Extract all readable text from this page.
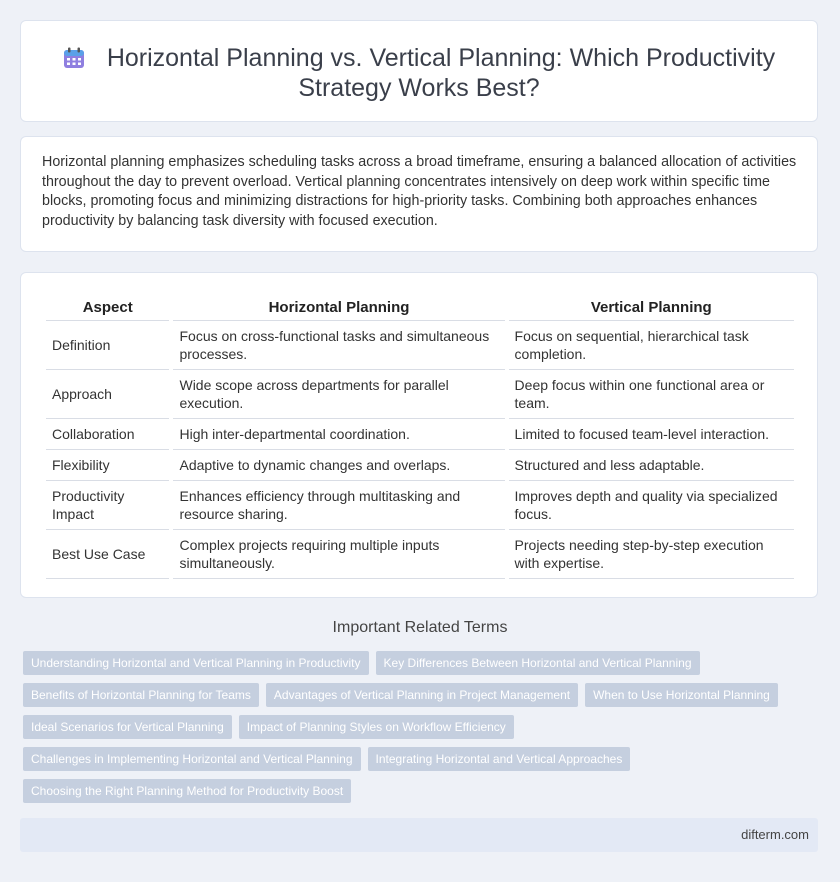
Horizontal Planning vs. Vertical Planning: Which Productivity Strategy Works Best?

Horizontal planning emphasizes scheduling tasks across a broad timeframe, ensuring a balanced allocation of activities throughout the day to prevent overload. Vertical planning concentrates intensively on deep work within specific time blocks, promoting focus and minimizing distractions for high-priority tasks. Combining both approaches enhances productivity by balancing task diversity with focused execution.

Aspect	Horizontal Planning	Vertical Planning
Definition	Focus on cross-functional tasks and simultaneous processes.	Focus on sequential, hierarchical task completion.
Approach	Wide scope across departments for parallel execution.	Deep focus within one functional area or team.
Collaboration	High inter-departmental coordination.	Limited to focused team-level interaction.
Flexibility	Adaptive to dynamic changes and overlaps.	Structured and less adaptable.
Productivity Impact	Enhances efficiency through multitasking and resource sharing.	Improves depth and quality via specialized focus.
Best Use Case	Complex projects requiring multiple inputs simultaneously.	Projects needing step-by-step execution with expertise.
Important Related Terms
Understanding Horizontal and Vertical Planning in Productivity	Key Differences Between Horizontal and Vertical Planning
Benefits of Horizontal Planning for Teams	Advantages of Vertical Planning in Project Management	When to Use Horizontal Planning
Ideal Scenarios for Vertical Planning	Impact of Planning Styles on Workflow Efficiency
Challenges in Implementing Horizontal and Vertical Planning	Integrating Horizontal and Vertical Approaches
Choosing the Right Planning Method for Productivity Boost
difterm.com
